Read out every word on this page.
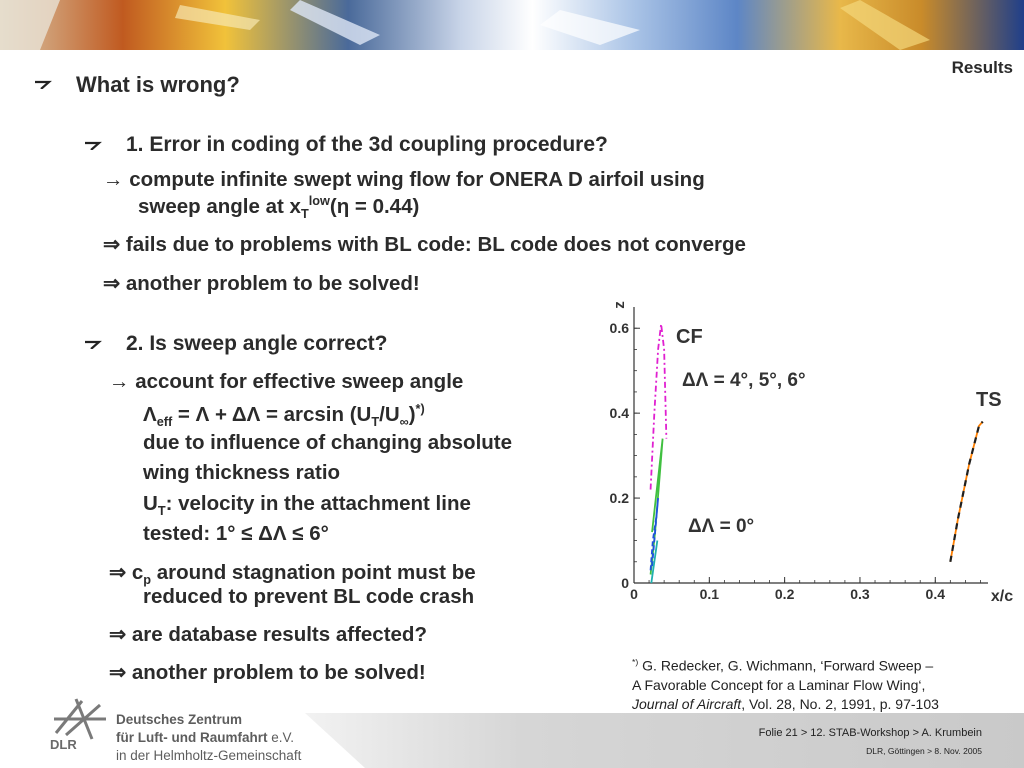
Results
What is wrong?
1. Error in coding of the 3d coupling procedure?
→ compute infinite swept wing flow for ONERA D airfoil using
sweep angle at $x_T^{low}(\eta = 0.44)$
⇒ fails due to problems with BL code: BL code does not converge
⇒ another problem to be solved!
2. Is sweep angle correct?
→ account for effective sweep angle
$\Lambda_{eff} = \Lambda + \Delta\Lambda = \arcsin (U_T/U_\infty)^{*)}$
due to influence of changing absolute
wing thickness ratio
$U_T$: velocity in the attachment line
tested: 1° ≤ ΔΛ ≤ 6°
⇒ $c_p$ around stagnation point must be
reduced to prevent BL code crash
⇒ are database results affected?
⇒ another problem to be solved!
z
x/c
0	0.1	0.2	0.3	0.4
0
0.2
0.4
0.6 CF
ΔΛ = 4°, 5°, 6°
TS
ΔΛ = 0°
*) G. Redecker, G. Wichmann, ‘Forward Sweep –
A Favorable Concept for a Laminar Flow Wing‘,
Journal of Aircraft, Vol. 28, No. 2, 1991, p. 97-103
DLR
Deutsches Zentrum
für Luft- und Raumfahrt e.V.
in der Helmholtz-Gemeinschaft
Folie 21 > 12. STAB-Workshop > A. Krumbein
DLR, Göttingen > 8. Nov. 2005
